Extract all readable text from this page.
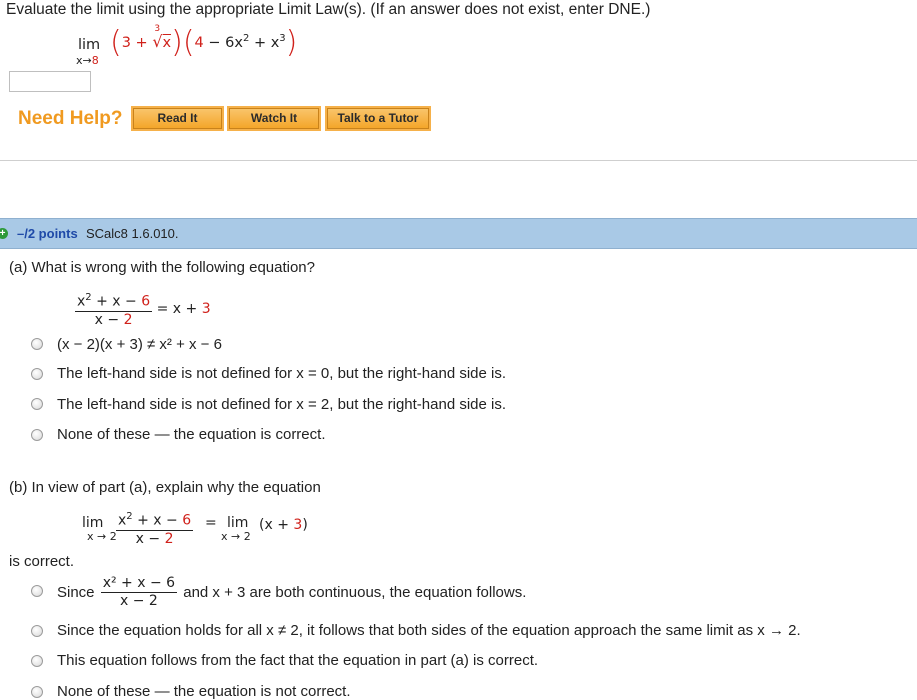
Evaluate the limit using the appropriate Limit Law(s). (If an answer does not exist, enter DNE.)
lim
x→8
(3 +
3
$√x)(4 - 6x^2 + x^3)$
Need Help?	Read It	Watch It	Talk to a Tutor
+ –/2 points SCalc8 1.6.010.
(a) What is wrong with the following equation?
$\frac{x^2 + x - 6}{x - 2} = x + 3$
(x − 2)(x + 3) ≠ x² + x − 6
The left-hand side is not defined for x = 0, but the right-hand side is.
The left-hand side is not defined for x = 2, but the right-hand side is.
None of these — the equation is correct.
(b) In view of part (a), explain why the equation
lim
$x \to 2 \frac{x^2 + x - 6}{x - 2} = \lim$
x → 2
(x + 3)
is correct.
Since $\frac{\text{x² + x − 6}}{x - 2}$ and x + 3 are both continuous, the equation follows.
Since the equation holds for all x ≠ 2, it follows that both sides of the equation approach the same limit as x → 2.
This equation follows from the fact that the equation in part (a) is correct.
None of these — the equation is not correct.
